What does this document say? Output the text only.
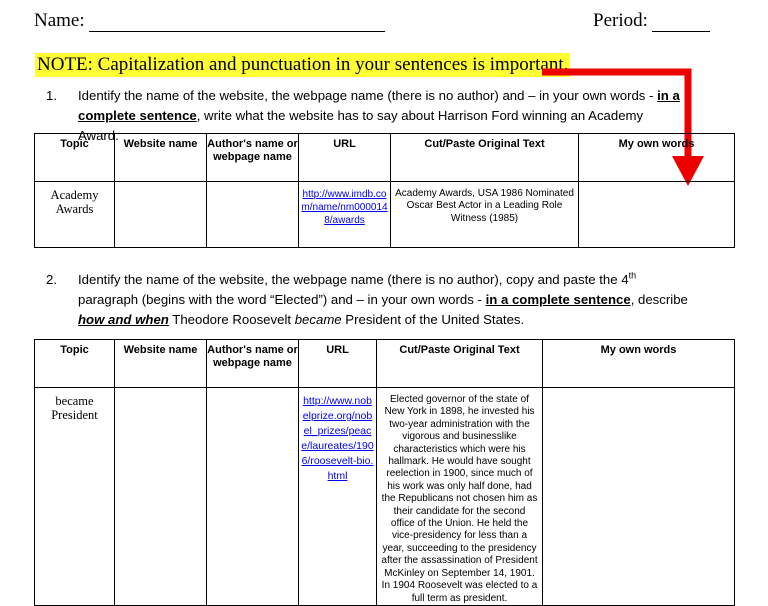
Name:	Period:
NOTE: Capitalization and punctuation in your sentences is important.
1. Identify the name of the website, the webpage name (there is no author) and – in your own words - in a complete sentence, write what the website has to say about Harrison Ford winning an Academy Award.
Topic	Website name	Author's name or webpage name	URL	Cut/Paste Original Text	My own words
Academy Awards			http://www.imdb.com/name/nm0000148/awards	Academy Awards, USA 1986 Nominated Oscar Best Actor in a Leading Role Witness (1985)	
2. Identify the name of the website, the webpage name (there is no author), copy and paste the 4th paragraph (begins with the word “Elected”) and – in your own words - in a complete sentence, describe how and when Theodore Roosevelt became President of the United States.
Topic	Website name	Author's name or webpage name	URL	Cut/Paste Original Text	My own words
became President			http://www.nobelprize.org/nobel_prizes/peace/laureates/1906/roosevelt-bio.html	Elected governor of the state of New York in 1898, he invested his two-year administration with the vigorous and businesslike characteristics which were his hallmark. He would have sought reelection in 1900, since much of his work was only half done, had the Republicans not chosen him as their candidate for the second office of the Union. He held the vice-presidency for less than a year, succeeding to the presidency after the assassination of President McKinley on September 14, 1901. In 1904 Roosevelt was elected to a full term as president.	
